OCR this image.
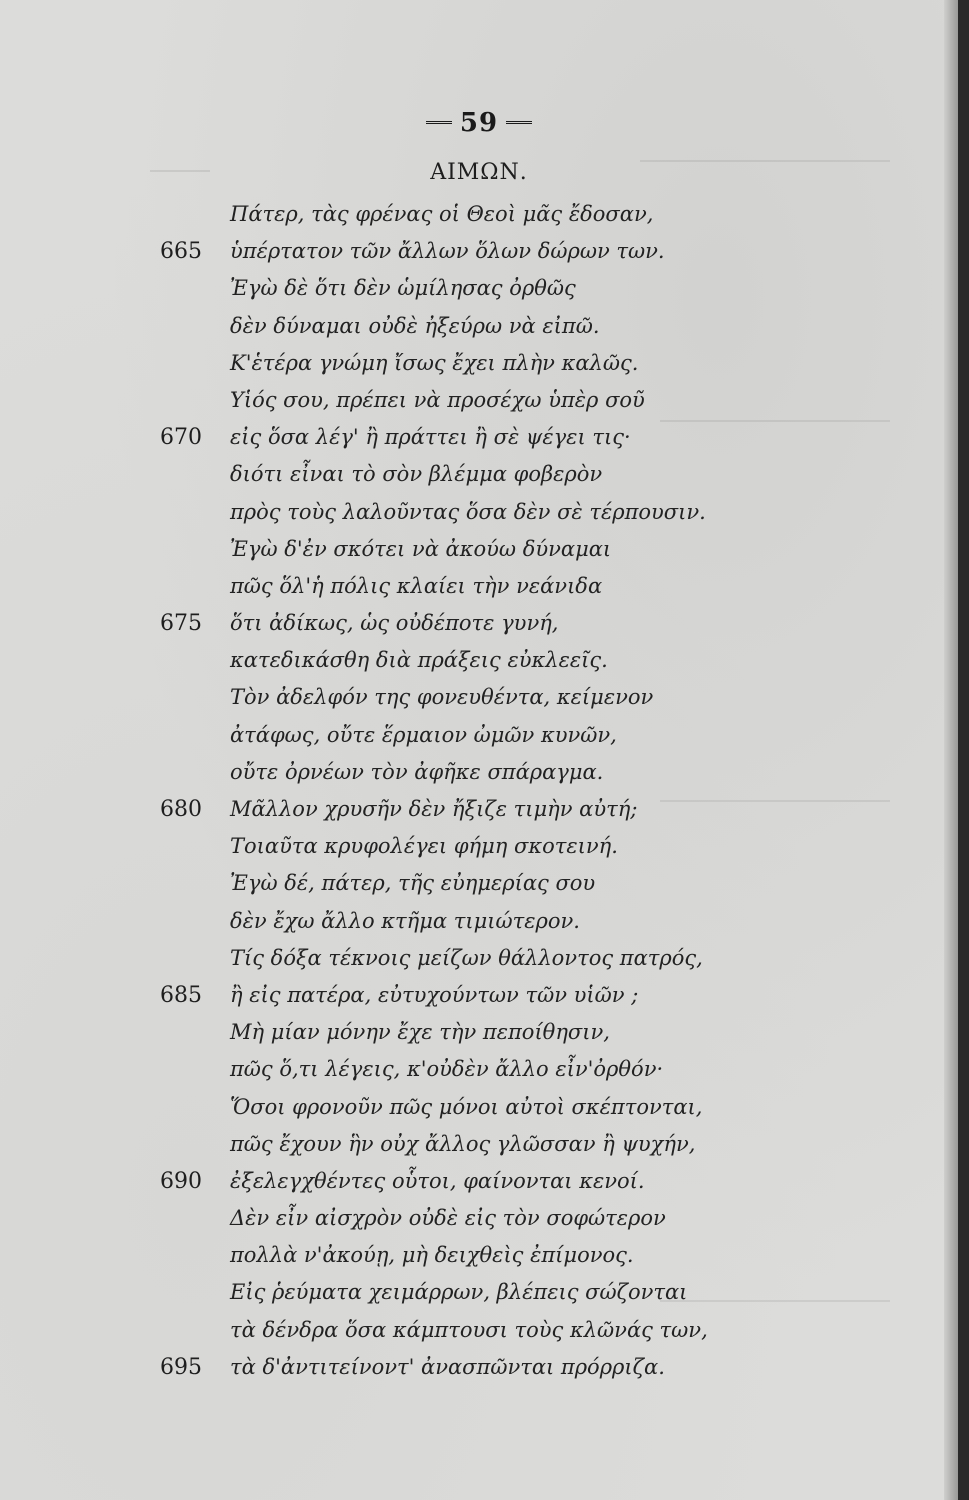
59
ΑΙΜΩΝ.
Πάτερ, τὰς φρένας οἱ Θεοὶ μᾶς ἔδοσαν,
665	ὑπέρτατον τῶν ἄλλων ὅλων δώρων των.
Ἐγὼ δὲ ὅτι δὲν ὡμίλησας ὀρθῶς
δὲν δύναμαι οὐδὲ ἠξεύρω νὰ εἰπῶ.
Κ'ἑτέρα γνώμη ἴσως ἔχει πλὴν καλῶς.
Υἱός σου, πρέπει νὰ προσέχω ὑπὲρ σοῦ
670	εἰς ὅσα λέγ' ἢ πράττει ἢ σὲ ψέγει τις·
διότι εἶναι τὸ σὸν βλέμμα φοβερὸν
πρὸς τοὺς λαλοῦντας ὅσα δὲν σὲ τέρπουσιν.
Ἐγὼ δ'ἐν σκότει νὰ ἀκούω δύναμαι
πῶς ὅλ'ἡ πόλις κλαίει τὴν νεάνιδα
675	ὅτι ἀδίκως, ὡς οὐδέποτε γυνή,
κατεδικάσθη διὰ πράξεις εὐκλεεῖς.
Τὸν ἀδελφόν της φονευθέντα, κείμενον
ἀτάφως, οὔτε ἕρμαιον ὠμῶν κυνῶν,
οὔτε ὀρνέων τὸν ἀφῆκε σπάραγμα.
680	Μᾶλλον χρυσῆν δὲν ἤξιζε τιμὴν αὐτή;
Τοιαῦτα κρυφολέγει φήμη σκοτεινή.
Ἐγὼ δέ, πάτερ, τῆς εὐημερίας σου
δὲν ἔχω ἄλλο κτῆμα τιμιώτερον.
Τίς δόξα τέκνοις μείζων θάλλοντος πατρός,
685	ἢ εἰς πατέρα, εὐτυχούντων τῶν υἱῶν ;
Μὴ μίαν μόνην ἔχε τὴν πεποίθησιν,
πῶς ὅ,τι λέγεις, κ'οὐδὲν ἄλλο εἶν'ὀρθόν·
Ὅσοι φρονοῦν πῶς μόνοι αὐτοὶ σκέπτονται,
πῶς ἔχουν ἣν οὐχ ἄλλος γλῶσσαν ἢ ψυχήν,
690	ἐξελεγχθέντες οὗτοι, φαίνονται κενοί.
Δὲν εἶν αἰσχρὸν οὐδὲ εἰς τὸν σοφώτερον
πολλὰ ν'ἀκούῃ, μὴ δειχθεὶς ἐπίμονος.
Εἰς ῥεύματα χειμάρρων, βλέπεις σώζονται
τὰ δένδρα ὅσα κάμπτουσι τοὺς κλῶνάς των,
695	τὰ δ'ἀντιτείνοντ' ἀνασπῶνται πρόρριζα.
